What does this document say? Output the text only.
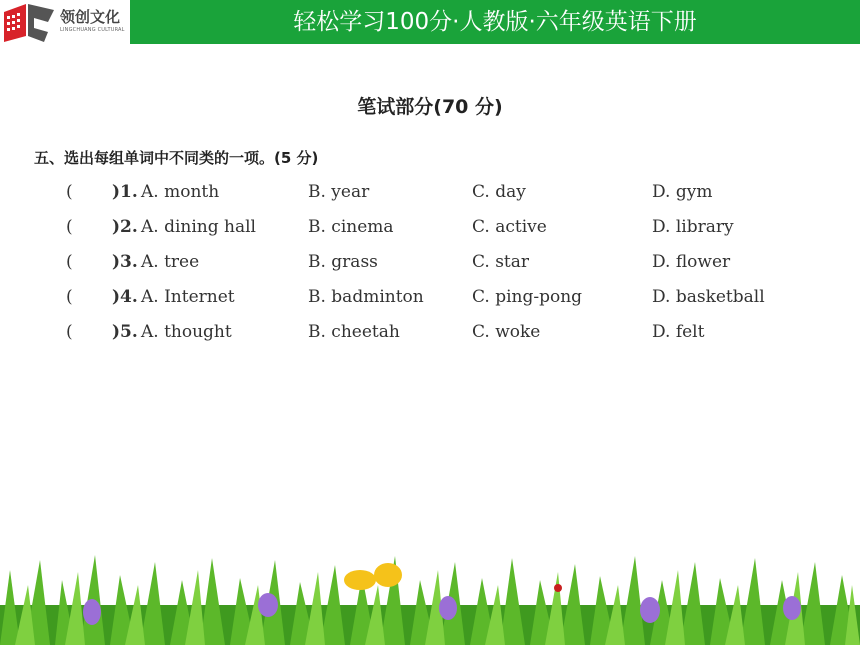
领创文化
LINGCHUANG CULTURAL	轻松学习100分·人教版·六年级英语下册
笔试部分(70 分)
五、选出每组单词中不同类的一项。(5 分)
( )1. A. month	B. year	C. day	D. gym
( )2. A. dining hall	B. cinema	C. active	D. library
( )3. A. tree	B. grass	C. star	D. flower
( )4. A. Internet	B. badminton	C. ping-pong	D. basketball
( )5. A. thought	B. cheetah	C. woke	D. felt
